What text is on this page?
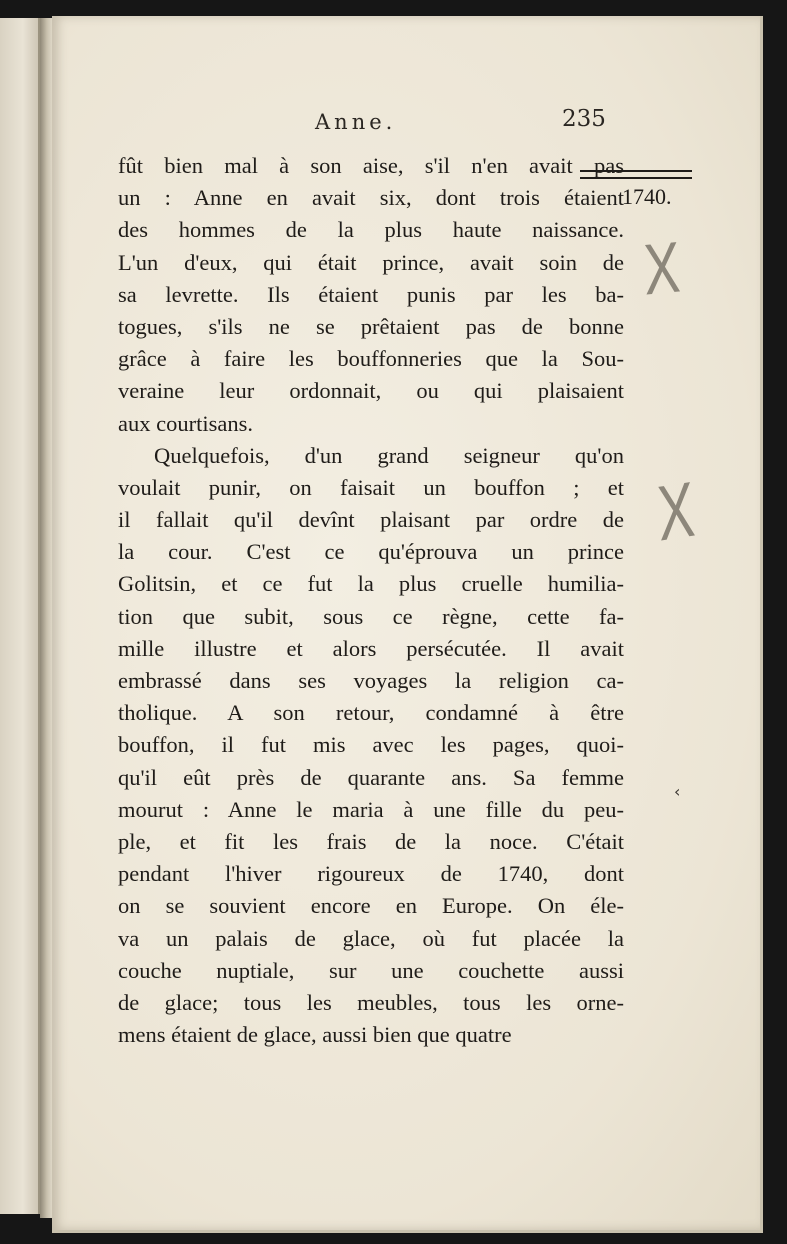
Anne.	235
1740.
X
X
‹
fût bien mal à son aise, s'il n'en avait pas
un : Anne en avait six, dont trois étaient
des hommes de la plus haute naissance.
L'un d'eux, qui était prince, avait soin de
sa levrette. Ils étaient punis par les ba-
togues, s'ils ne se prêtaient pas de bonne
grâce à faire les bouffonneries que la Sou-
veraine leur ordonnait, ou qui plaisaient
aux courtisans.
Quelquefois, d'un grand seigneur qu'on
voulait punir, on faisait un bouffon ; et
il fallait qu'il devînt plaisant par ordre de
la cour. C'est ce qu'éprouva un prince
Golitsin, et ce fut la plus cruelle humilia-
tion que subit, sous ce règne, cette fa-
mille illustre et alors persécutée. Il avait
embrassé dans ses voyages la religion ca-
tholique. A son retour, condamné à être
bouffon, il fut mis avec les pages, quoi-
qu'il eût près de quarante ans. Sa femme
mourut : Anne le maria à une fille du peu-
ple, et fit les frais de la noce. C'était
pendant l'hiver rigoureux de 1740, dont
on se souvient encore en Europe. On éle-
va un palais de glace, où fut placée la
couche nuptiale, sur une couchette aussi
de glace; tous les meubles, tous les orne-
mens étaient de glace, aussi bien que quatre
